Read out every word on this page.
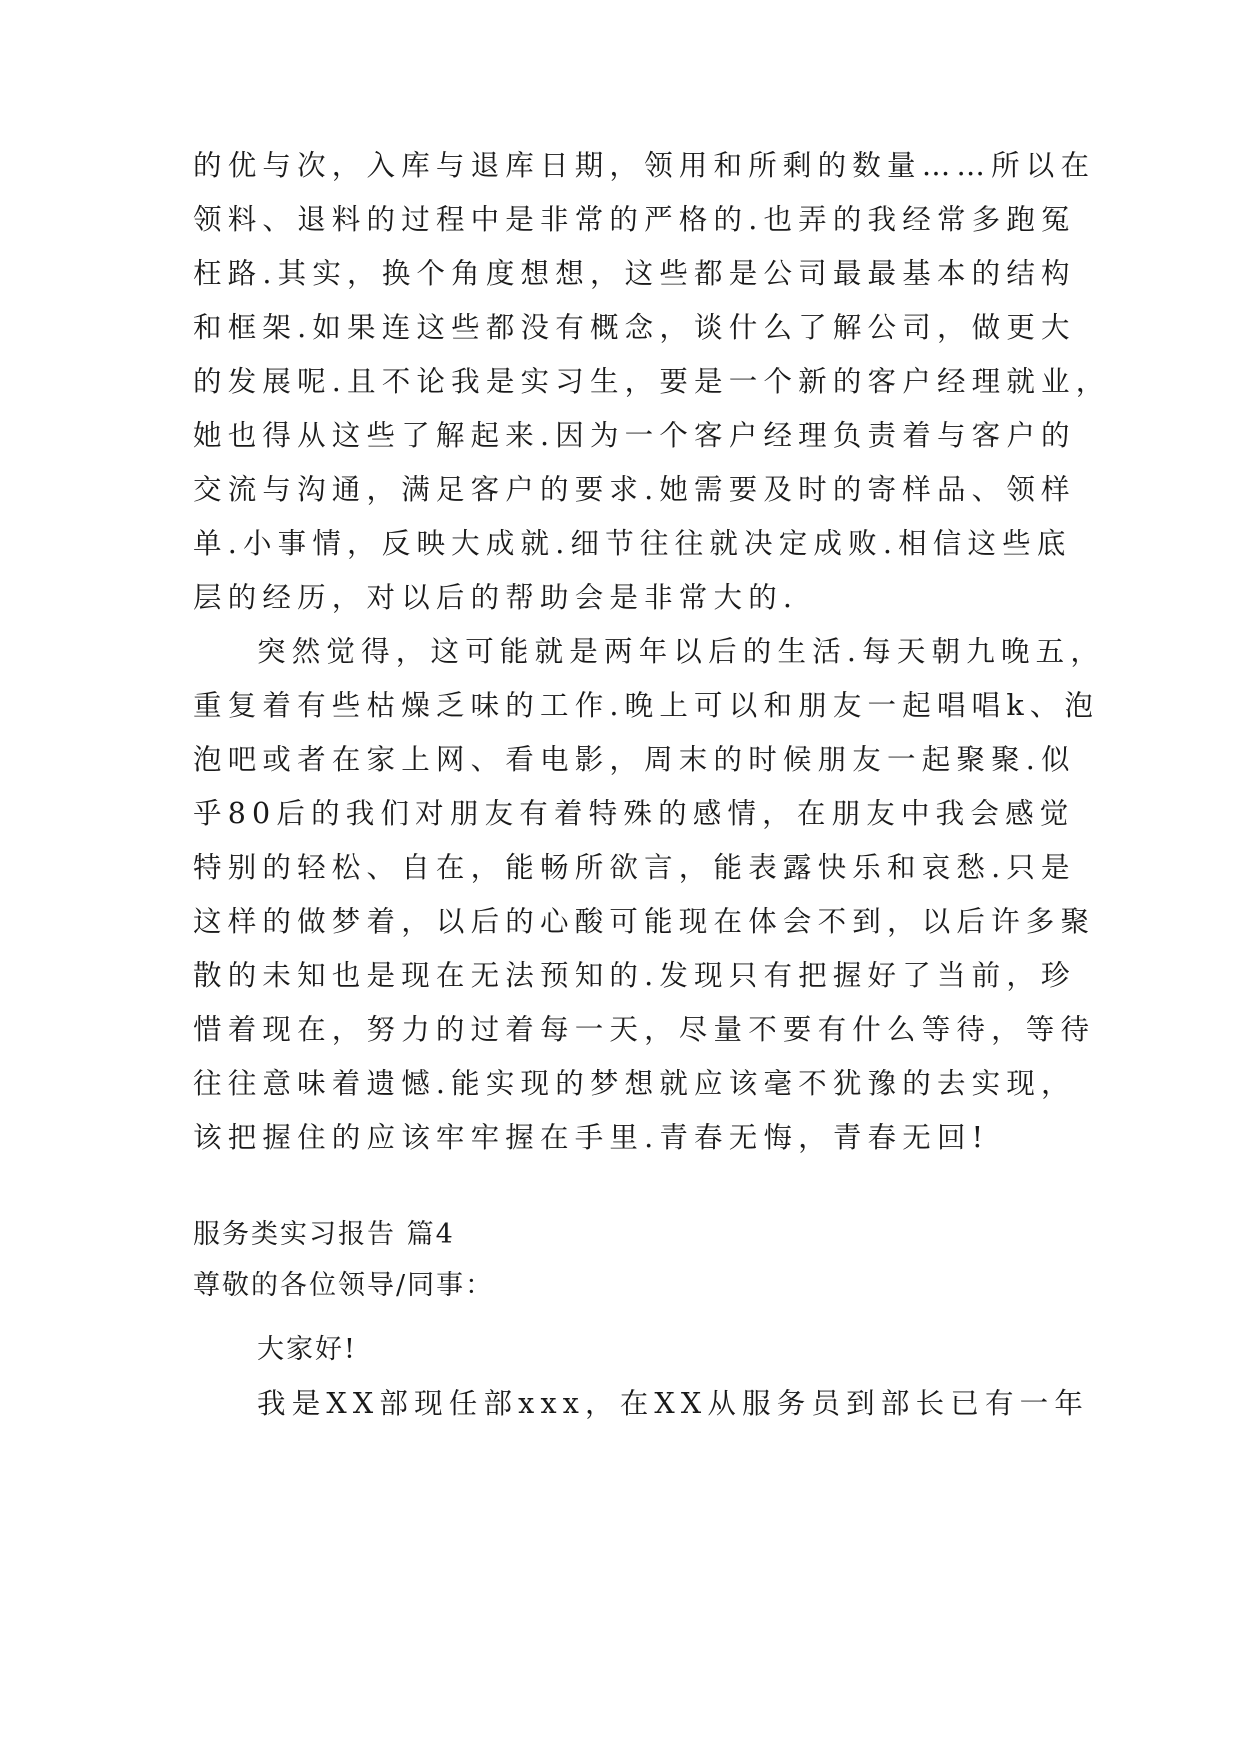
的优与次，入库与退库日期，领用和所剩的数量……所以在
领料、退料的过程中是非常的严格的.也弄的我经常多跑冤
枉路.其实，换个角度想想，这些都是公司最最基本的结构
和框架.如果连这些都没有概念，谈什么了解公司，做更大
的发展呢.且不论我是实习生，要是一个新的客户经理就业，
她也得从这些了解起来.因为一个客户经理负责着与客户的
交流与沟通，满足客户的要求.她需要及时的寄样品、领样
单.小事情，反映大成就.细节往往就决定成败.相信这些底
层的经历，对以后的帮助会是非常大的.
突然觉得，这可能就是两年以后的生活.每天朝九晚五，
重复着有些枯燥乏味的工作.晚上可以和朋友一起唱唱k、泡
泡吧或者在家上网、看电影，周末的时候朋友一起聚聚.似
乎80后的我们对朋友有着特殊的感情，在朋友中我会感觉
特别的轻松、自在，能畅所欲言，能表露快乐和哀愁.只是
这样的做梦着，以后的心酸可能现在体会不到，以后许多聚
散的未知也是现在无法预知的.发现只有把握好了当前，珍
惜着现在，努力的过着每一天，尽量不要有什么等待，等待
往往意味着遗憾.能实现的梦想就应该毫不犹豫的去实现，
该把握住的应该牢牢握在手里.青春无悔，青春无回!
服务类实习报告 篇4
尊敬的各位领导/同事：
大家好!
我是XX部现任部xxx，在XX从服务员到部长已有一年
